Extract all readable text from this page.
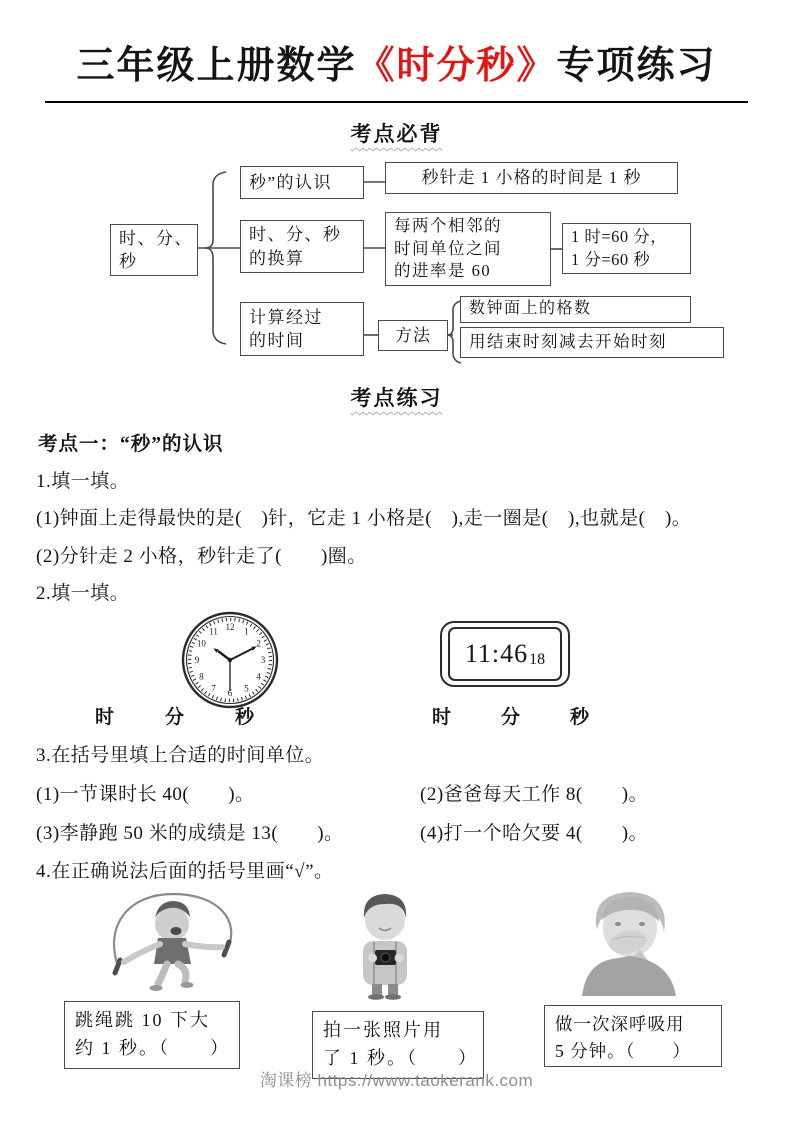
三年级上册数学《时分秒》专项练习
考点必背
时、分、
秒
秒”的认识	秒针走 1 小格的时间是 1 秒
时、分、秒
的换算
每两个相邻的
时间单位之间
的进率是 60
1 时=60 分，
1 分=60 秒
计算经过
的时间	方法
数钟面上的格数
用结束时刻减去开始时刻
考点练习
考点一：“秒”的认识
1.填一填。
(1)钟面上走得最快的是(　)针，它走 1 小格是(　),走一圈是(　),也就是(　)。
(2)分针走 2 小格，秒针走了(　　)圈。
2.填一填。
12 1
2
3
4
5
6
7
8
9
10
11
11:46 18
时	分	秒	时	分	秒
3.在括号里填上合适的时间单位。
(1)一节课时长 40(　　)。	(2)爸爸每天工作 8(　　)。
(3)李静跑 50 米的成绩是 13(　　)。	(4)打一个哈欠要 4(　　)。
4.在正确说法后面的括号里画“√”。
跳绳跳 10 下大
约 1 秒。（　　）
拍一张照片用
了 1 秒。（　　）
做一次深呼吸用
5 分钟。（　　）
淘课榜 https://www.taokerank.com
